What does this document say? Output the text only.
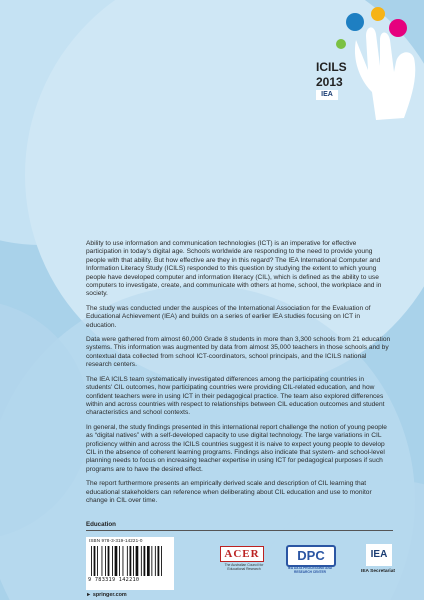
ICILS
2013
IEA

Ability to use information and communication technologies (ICT) is an imperative for effective participation in today's digital age. Schools worldwide are responding to the need to provide young people with that ability. But how effective are they in this regard? The IEA International Computer and Information Literacy Study (ICILS) responded to this question by studying the extent to which young people have developed computer and information literacy (CIL), which is defined as the ability to use computers to investigate, create, and communicate with others at home, school, the workplace and in society.

The study was conducted under the auspices of the International Association for the Evaluation of Educational Achievement (IEA) and builds on a series of earlier IEA studies focusing on ICT in education.

Data were gathered from almost 60,000 Grade 8 students in more than 3,300 schools from 21 education systems. This information was augmented by data from almost 35,000 teachers in those schools and by contextual data collected from school ICT-coordinators, school principals, and the ICILS national research centers.

The IEA ICILS team systematically investigated differences among the participating countries in students' CIL outcomes, how participating countries were providing CIL-related education, and how confident teachers were in using ICT in their pedagogical practice. The team also explored differences within and across countries with respect to relationships between CIL education outcomes and student characteristics and school contexts.

In general, the study findings presented in this international report challenge the notion of young people as “digital natives” with a self-developed capacity to use digital technology. The large variations in CIL proficiency within and across the ICILS countries suggest it is naive to expect young people to develop CIL in the absence of coherent learning programs. Findings also indicate that system- and school-level planning needs to focus on increasing teacher expertise in using ICT for pedagogical purposes if such programs are to have the desired effect.

The report furthermore presents an empirically derived scale and description of CIL learning that educational stakeholders can reference when deliberating about CIL education and use to monitor change in CIL over time.

Education
ISBN 978-3-319-14221-0
9 783319 142210
► springer.com
ACER
The Australian Council for Educational Research
DPC
IEA DATA PROCESSING AND RESEARCH CENTER
IEA
IEA Secretariat
